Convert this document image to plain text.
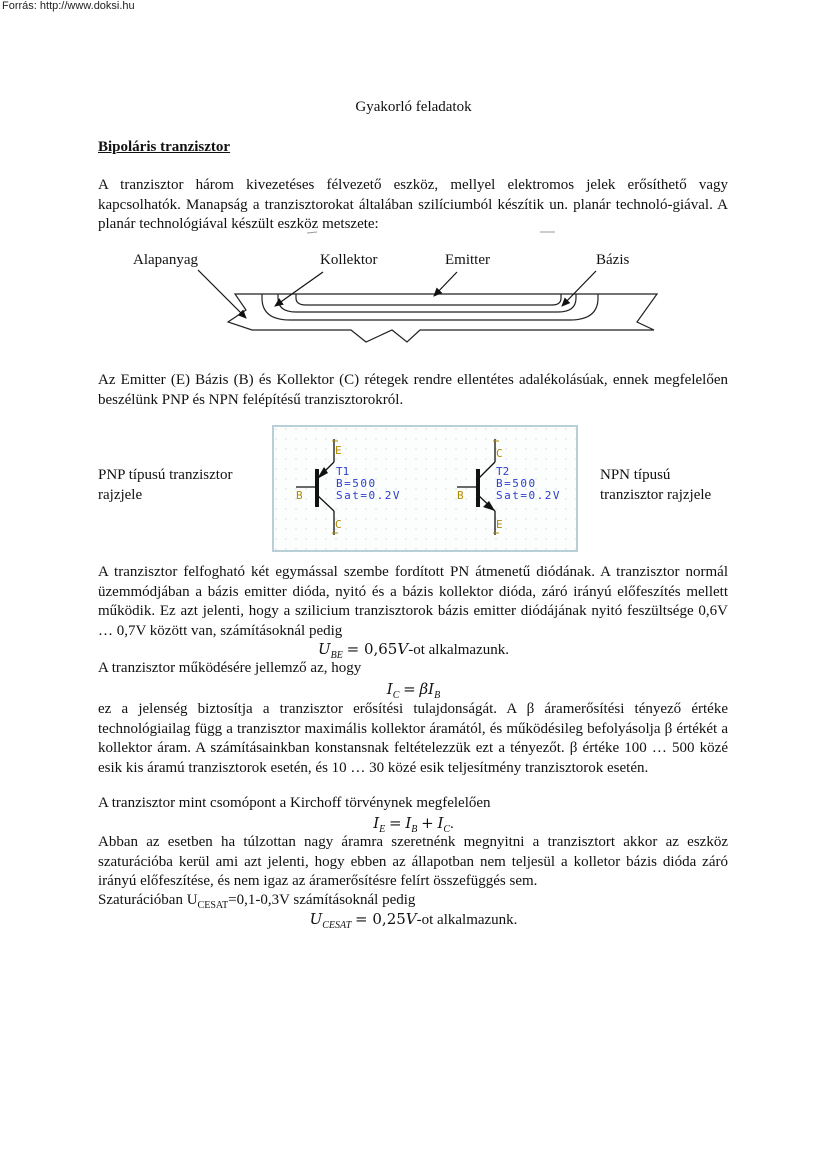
Forrás: http://www.doksi.hu
Gyakorló feladatok
Bipoláris tranzisztor
A tranzisztor három kivezetéses félvezető eszköz, mellyel elektromos jelek erősíthető vagy kapcsolhatók. Manapság a tranzisztorokat általában szilíciumból készítik un. planár technoló-giával. A planár technológiával készült eszköz metszete:
Alapanyag	Kollektor	Emitter	Bázis
Az Emitter (E) Bázis (B) és Kollektor (C) rétegek rendre ellentétes adalékolásúak, ennek megfelelően beszélünk PNP és NPN felépítésű tranzisztorokról.
PNP típusú tranzisztor rajzjele
NPN típusú tranzisztor rajzjele
E
B
C
T1
B=500
Sat=0.2V
C
B
E
T2
B=500
Sat=0.2V
A tranzisztor felfogható két egymással szembe fordított PN átmenetű diódának. A tranzisztor normál üzemmódjában a bázis emitter dióda, nyitó és a bázis kollektor dióda, záró irányú előfeszítés mellett működik. Ez azt jelenti, hogy a szilicium tranzisztorok bázis emitter diódájának nyitó feszültsége 0,6V … 0,7V között van, számításoknál pedig
$U_{BE} = 0,65V-ot$ alkalmazunk.
A tranzisztor működésére jellemző az, hogy
$I_C = \beta I_B$
ez a jelenség biztosítja a tranzisztor erősítési tulajdonságát. A β áramerősítési tényező értéke technológiailag függ a tranzisztor maximális kollektor áramától, és működésileg befolyásolja β értékét a kollektor áram. A számításainkban konstansnak feltételezzük ezt a tényezőt. β értéke 100 … 500 közé esik kis áramú tranzisztorok esetén, és 10 … 30 közé esik teljesítmény tranzisztorok esetén.
A tranzisztor mint csomópont a Kirchoff törvénynek megfelelően
$I_E = I_B + I_C$.
Abban az esetben ha túlzottan nagy áramra szeretnénk megnyitni a tranzisztort akkor az eszköz szaturációba kerül ami azt jelenti, hogy ebben az állapotban nem teljesül a kolletor bázis dióda záró irányú előfeszítése, és nem igaz az áramerősítésre felírt összefüggés sem.
Szaturációban $U_{CESAT}=0,1-0,3V$ számításoknál pedig
$U_{CESAT} = 0,25V-ot$ alkalmazunk.
